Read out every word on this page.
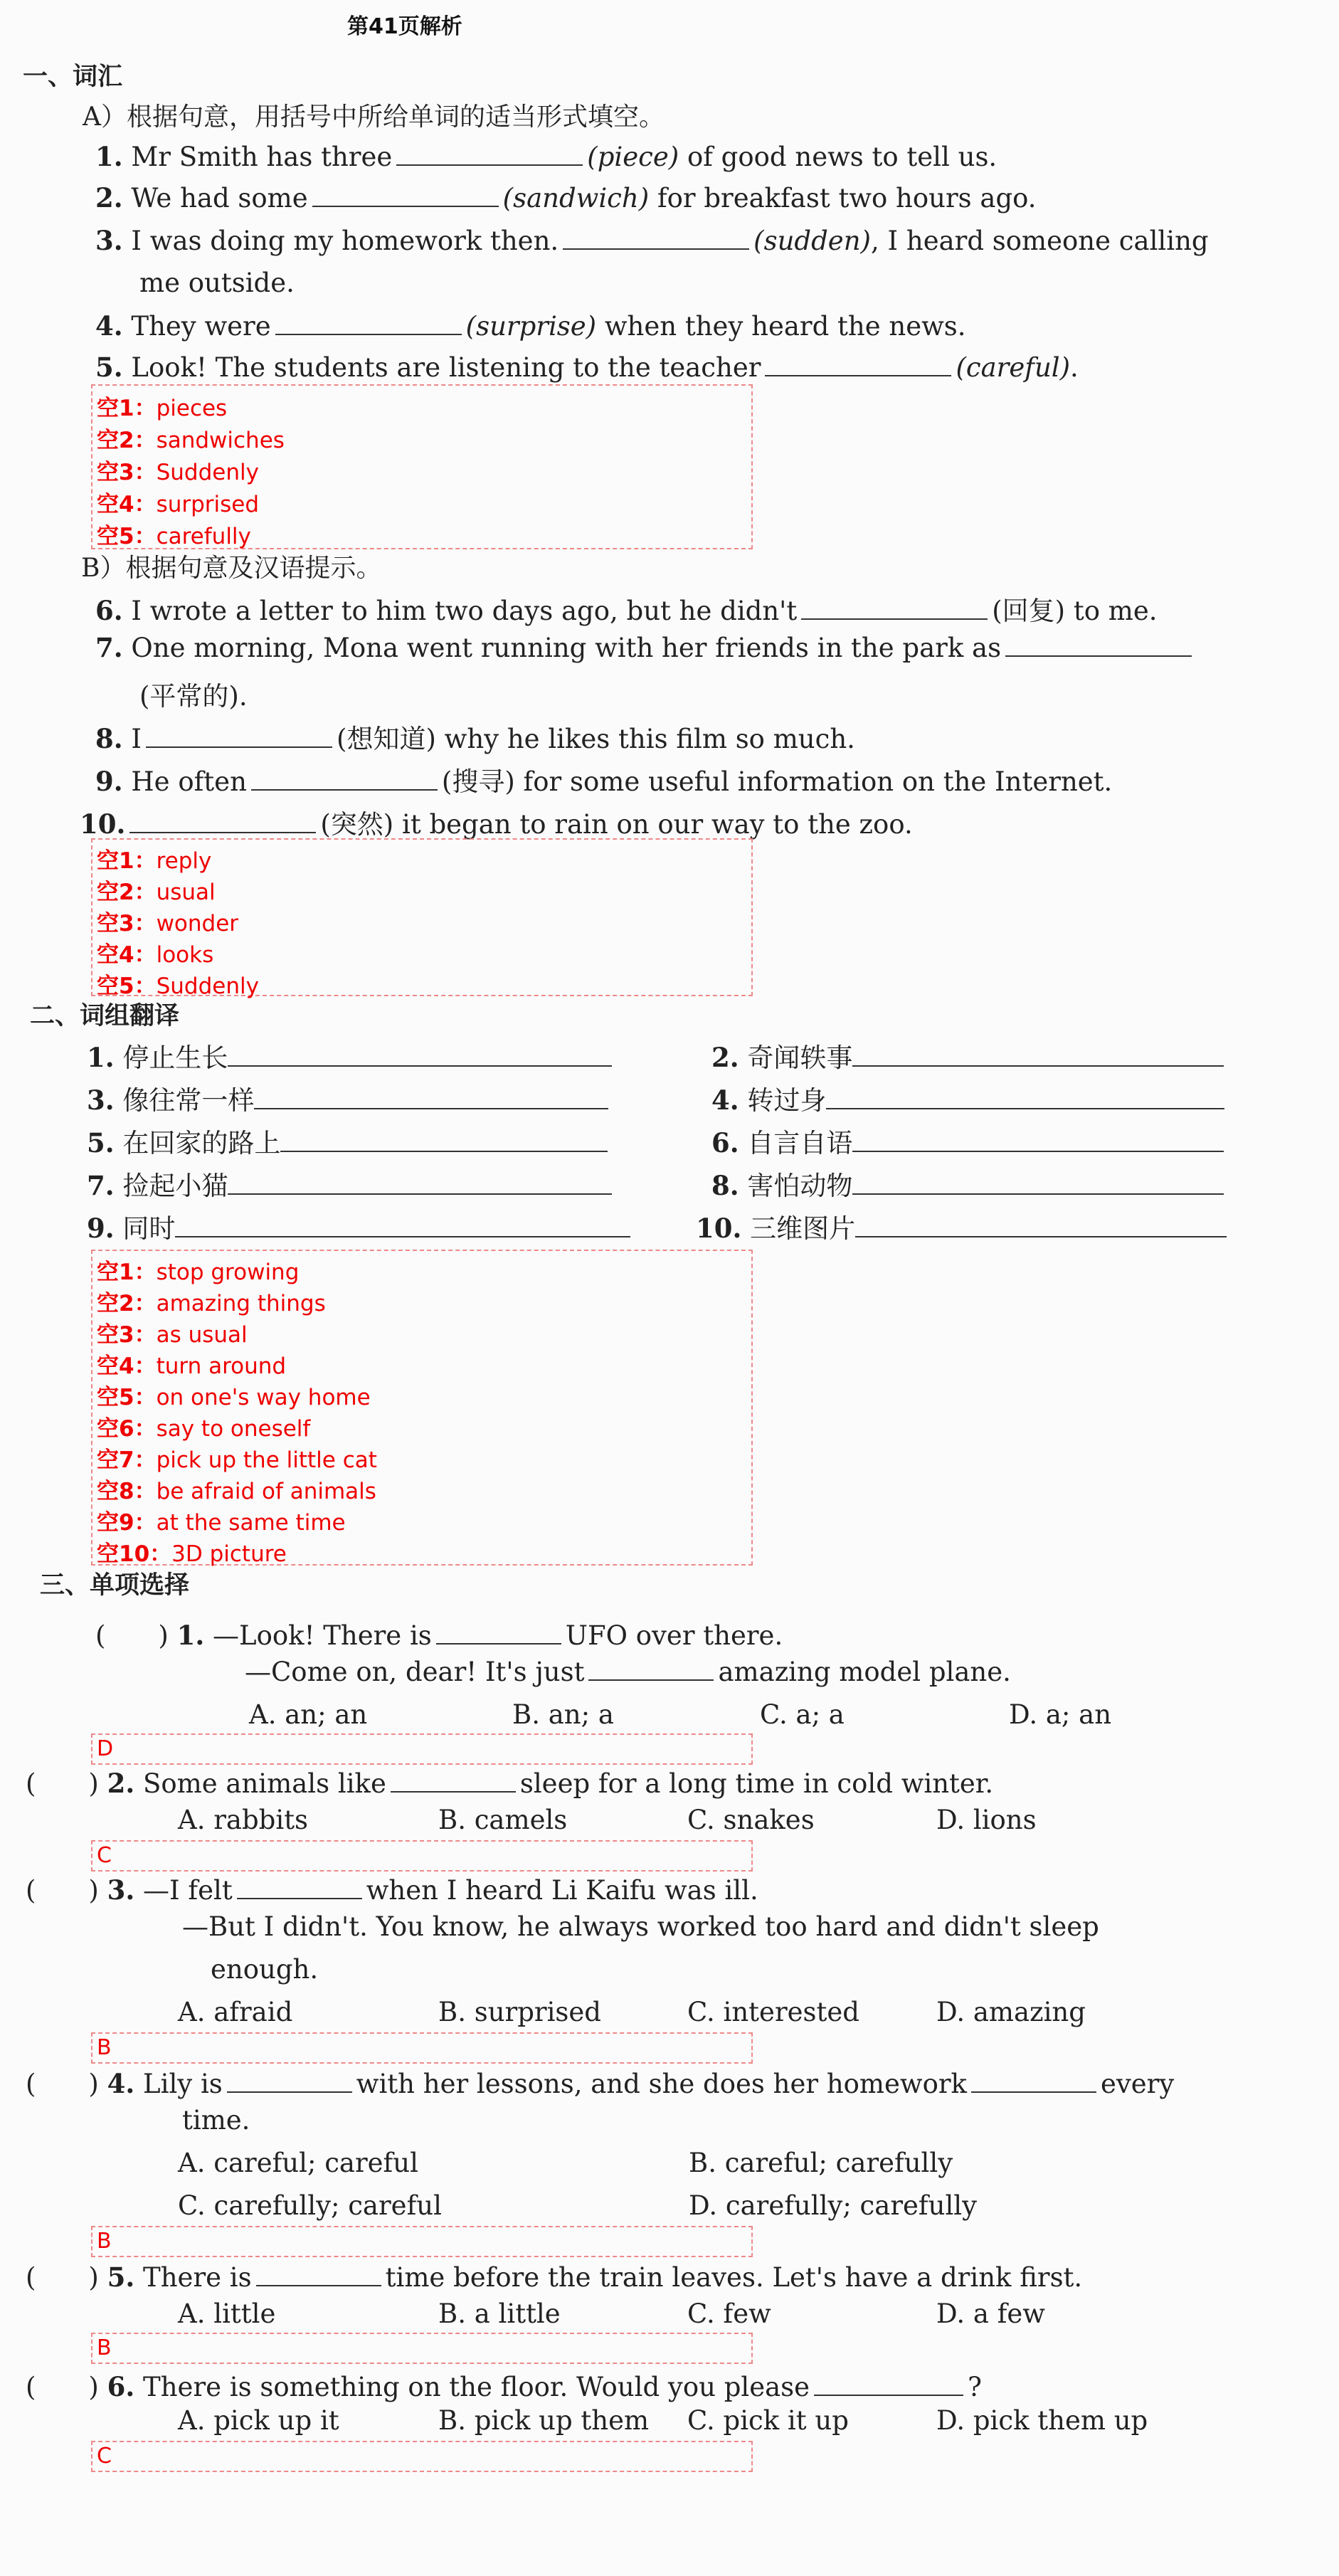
第41页解析
一、词汇
A）根据句意，用括号中所给单词的适当形式填空。
1. Mr Smith has three	(piece) of good news to tell us.
2. We had some	(sandwich) for breakfast two hours ago.
3. I was doing my homework then.	(sudden), I heard someone calling
me outside.
4. They were	(surprise) when they heard the news.
5. Look! The students are listening to the teacher	(careful).
空1：pieces
空2：sandwiches
空3：Suddenly
空4：surprised
空5：carefully
B）根据句意及汉语提示。
6. I wrote a letter to him two days ago, but he didn't	(回复) to me.
7. One morning, Mona went running with her friends in the park as
(平常的).
8. I	(想知道) why he likes this film so much.
9. He often	(搜寻) for some useful information on the Internet.
10.	(突然) it began to rain on our way to the zoo.
空1：reply
空2：usual
空3：wonder
空4：looks
空5：Suddenly
二、词组翻译
1. 停止生长	2. 奇闻轶事
3. 像往常一样	4. 转过身
5. 在回家的路上	6. 自言自语
7. 捡起小猫	8. 害怕动物
9. 同时	10. 三维图片
空1：stop growing
空2：amazing things
空3：as usual
空4：turn around
空5：on one's way home
空6：say to oneself
空7：pick up the little cat
空8：be afraid of animals
空9：at the same time
空10：3D picture
三、单项选择
(　　) 1. —Look! There is	UFO over there.
—Come on, dear! It's just	amazing model plane.
A. an; an	B. an; a	C. a; a	D. a; an
D
(　　) 2. Some animals like	sleep for a long time in cold winter.
A. rabbits	B. camels	C. snakes	D. lions
C
(　　) 3. —I felt	when I heard Li Kaifu was ill.
—But I didn't. You know, he always worked too hard and didn't sleep
enough.
A. afraid	B. surprised	C. interested	D. amazing
B
(　　) 4. Lily is	with her lessons, and she does her homework	every
time.
A. careful; careful	B. careful; carefully
C. carefully; careful	D. carefully; carefully
B
(　　) 5. There is	time before the train leaves. Let's have a drink first.
A. little	B. a little	C. few	D. a few
B
(　　) 6. There is something on the floor. Would you please	?
A. pick up it	B. pick up them C. pick it up	D. pick them up
C
